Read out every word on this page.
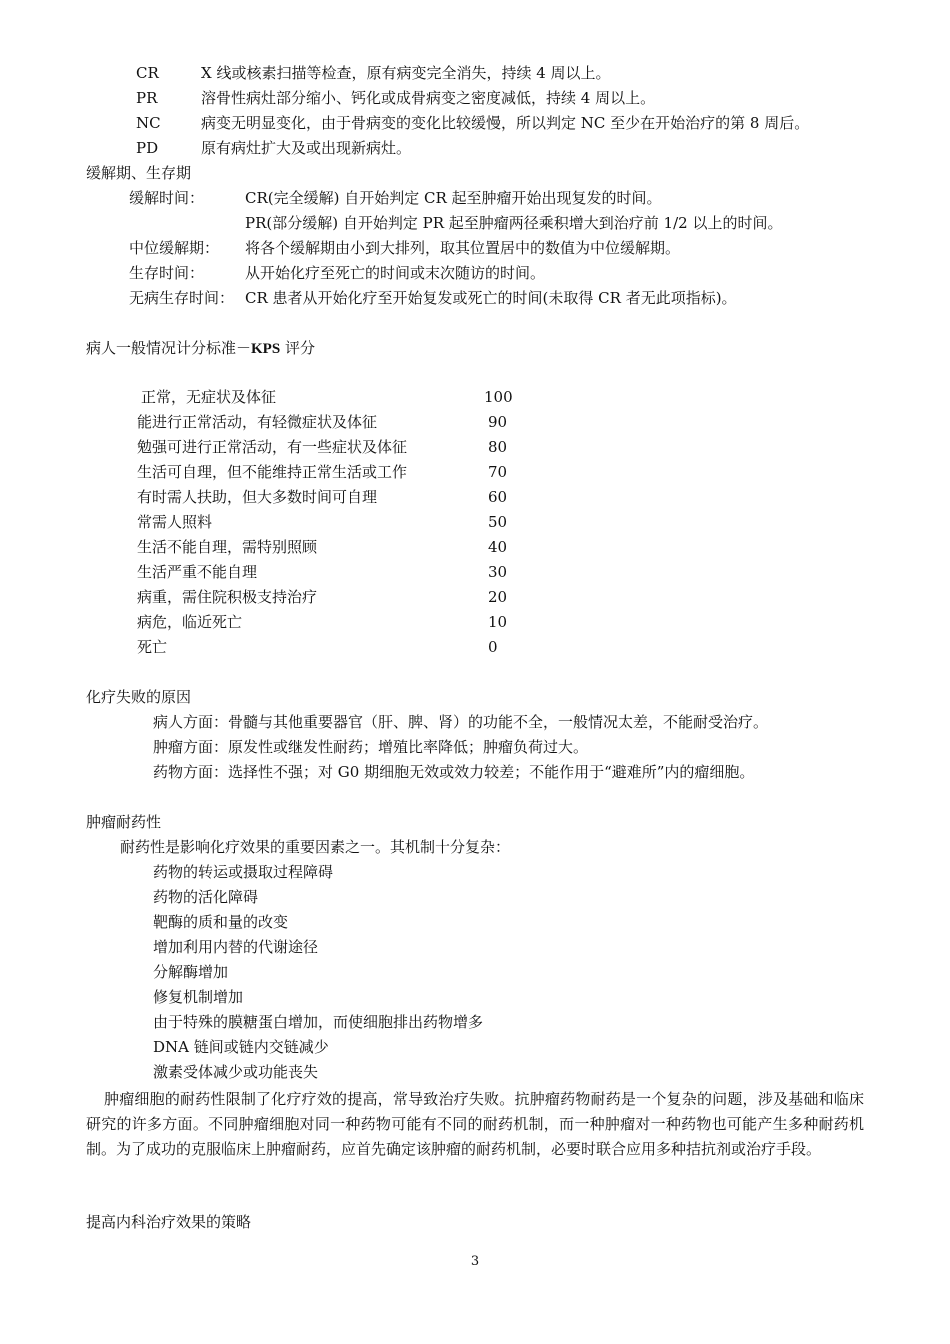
CR	X 线或核素扫描等检查，原有病变完全消失，持续 4 周以上。
PR	溶骨性病灶部分缩小、钙化或成骨病变之密度减低，持续 4 周以上。
NC	病变无明显变化，由于骨病变的变化比较缓慢，所以判定 NC 至少在开始治疗的第 8 周后。
PD	原有病灶扩大及或出现新病灶。
缓解期、生存期
缓解时间：	CR(完全缓解) 自开始判定 CR 起至肿瘤开始出现复发的时间。
PR(部分缓解) 自开始判定 PR 起至肿瘤两径乘积增大到治疗前 1/2 以上的时间。
中位缓解期： 将各个缓解期由小到大排列，取其位置居中的数值为中位缓解期。
生存时间：	从开始化疗至死亡的时间或末次随访的时间。
无病生存时间： CR 患者从开始化疗至开始复发或死亡的时间(未取得 CR 者无此项指标)。
病人一般情况计分标准－KPS 评分
正常，无症状及体征	100
能进行正常活动，有轻微症状及体征	90
勉强可进行正常活动，有一些症状及体征	80
生活可自理，但不能维持正常生活或工作	70
有时需人扶助，但大多数时间可自理	60
常需人照料	50
生活不能自理，需特别照顾	40
生活严重不能自理	30
病重，需住院积极支持治疗	20
病危，临近死亡	10
死亡	0
化疗失败的原因
病人方面：骨髓与其他重要器官（肝、脾、肾）的功能不全，一般情况太差，不能耐受治疗。
肿瘤方面：原发性或继发性耐药；增殖比率降低；肿瘤负荷过大。
药物方面：选择性不强；对 G0 期细胞无效或效力较差；不能作用于“避难所”内的瘤细胞。
肿瘤耐药性
耐药性是影响化疗效果的重要因素之一。其机制十分复杂：
药物的转运或摄取过程障碍
药物的活化障碍
靶酶的质和量的改变
增加利用内替的代谢途径
分解酶增加
修复机制增加
由于特殊的膜糖蛋白增加，而使细胞排出药物增多
DNA 链间或链内交链减少
激素受体减少或功能丧失

肿瘤细胞的耐药性限制了化疗疗效的提高，常导致治疗失败。抗肿瘤药物耐药是一个复杂的问题，涉及基础和临床研究的许多方面。不同肿瘤细胞对同一种药物可能有不同的耐药机制，而一种肿瘤对一种药物也可能产生多种耐药机制。为了成功的克服临床上肿瘤耐药，应首先确定该肿瘤的耐药机制，必要时联合应用多种拮抗剂或治疗手段。

提高内科治疗效果的策略
3
